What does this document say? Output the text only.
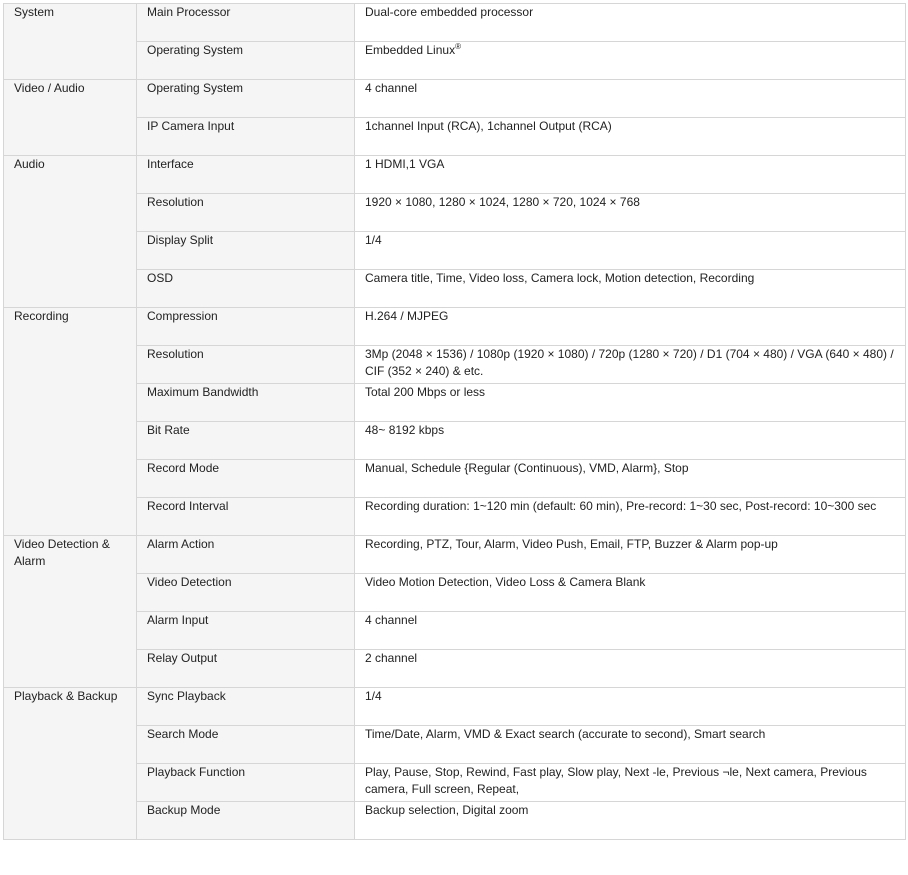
System	Main Processor	Dual-core embedded processor
	Operating System	Embedded Linux®
Video / Audio	Operating System	4 channel
	IP Camera Input	1channel Input (RCA), 1channel Output (RCA)
Audio	Interface	1 HDMI,1 VGA
	Resolution	1920 × 1080, 1280 × 1024, 1280 × 720, 1024 × 768
	Display Split	1/4
	OSD	Camera title, Time, Video loss, Camera lock, Motion detection, Recording
Recording	Compression	H.264 / MJPEG
	Resolution	3Mp (2048 × 1536) / 1080p (1920 × 1080) / 720p (1280 × 720) / D1 (704 × 480) / VGA (640 × 480) / CIF (352 × 240) & etc.
	Maximum Bandwidth	Total 200 Mbps or less
	Bit Rate	48~ 8192 kbps
	Record Mode	Manual, Schedule {Regular (Continuous), VMD, Alarm}, Stop
	Record Interval	Recording duration: 1~120 min (default: 60 min), Pre-record: 1~30 sec, Post-record: 10~300 sec
Video Detection & Alarm	Alarm Action	Recording, PTZ, Tour, Alarm, Video Push, Email, FTP, Buzzer & Alarm pop-up
	Video Detection	Video Motion Detection, Video Loss & Camera Blank
	Alarm Input	4 channel
	Relay Output	2 channel
Playback & Backup	Sync Playback	1/4
	Search Mode	Time/Date, Alarm, VMD & Exact search (accurate to second), Smart search
	Playback Function	Play, Pause, Stop, Rewind, Fast play, Slow play, Next -le, Previous ¬le, Next camera, Previous camera, Full screen, Repeat,
	Backup Mode	Backup selection, Digital zoom
